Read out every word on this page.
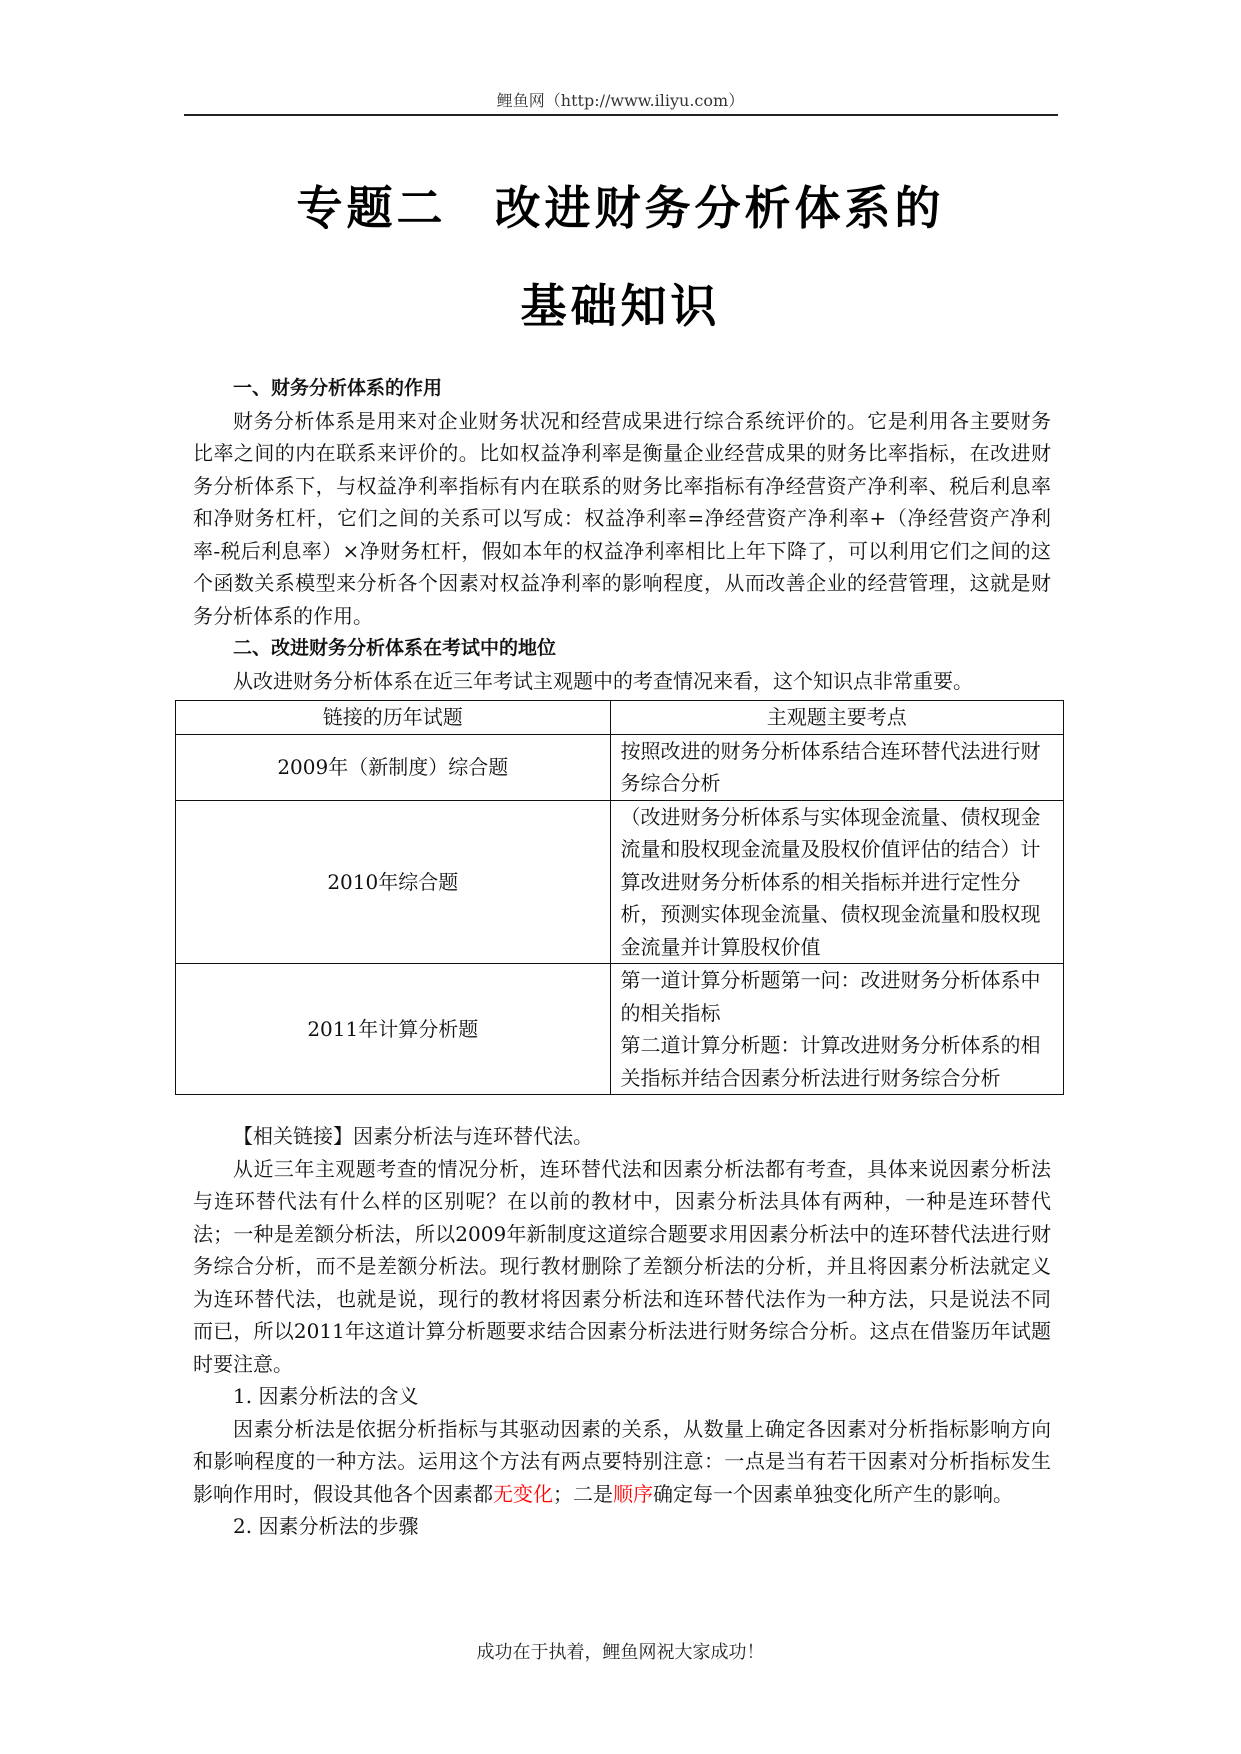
鲤鱼网（http://www.iliyu.com）
专题二 改进财务分析体系的
基础知识
一、财务分析体系的作用
财务分析体系是用来对企业财务状况和经营成果进行综合系统评价的。它是利用各主要财务比率之间的内在联系来评价的。比如权益净利率是衡量企业经营成果的财务比率指标，在改进财务分析体系下，与权益净利率指标有内在联系的财务比率指标有净经营资产净利率、税后利息率和净财务杠杆，它们之间的关系可以写成：权益净利率=净经营资产净利率+（净经营资产净利率-税后利息率）×净财务杠杆，假如本年的权益净利率相比上年下降了，可以利用它们之间的这个函数关系模型来分析各个因素对权益净利率的影响程度，从而改善企业的经营管理，这就是财务分析体系的作用。
二、改进财务分析体系在考试中的地位
从改进财务分析体系在近三年考试主观题中的考查情况来看，这个知识点非常重要。
链接的历年试题	主观题主要考点
2009年（新制度）综合题	按照改进的财务分析体系结合连环替代法进行财务综合分析
2010年综合题	（改进财务分析体系与实体现金流量、债权现金流量和股权现金流量及股权价值评估的结合）计算改进财务分析体系的相关指标并进行定性分析，预测实体现金流量、债权现金流量和股权现金流量并计算股权价值
2011年计算分析题	第一道计算分析题第一问：改进财务分析体系中的相关指标
第二道计算分析题：计算改进财务分析体系的相关指标并结合因素分析法进行财务综合分析
【相关链接】因素分析法与连环替代法。
从近三年主观题考查的情况分析，连环替代法和因素分析法都有考查，具体来说因素分析法与连环替代法有什么样的区别呢？在以前的教材中，因素分析法具体有两种，一种是连环替代法；一种是差额分析法，所以2009年新制度这道综合题要求用因素分析法中的连环替代法进行财务综合分析，而不是差额分析法。现行教材删除了差额分析法的分析，并且将因素分析法就定义为连环替代法，也就是说，现行的教材将因素分析法和连环替代法作为一种方法，只是说法不同而已，所以2011年这道计算分析题要求结合因素分析法进行财务综合分析。这点在借鉴历年试题时要注意。
1. 因素分析法的含义
因素分析法是依据分析指标与其驱动因素的关系，从数量上确定各因素对分析指标影响方向和影响程度的一种方法。运用这个方法有两点要特别注意：一点是当有若干因素对分析指标发生影响作用时，假设其他各个因素都无变化；二是顺序确定每一个因素单独变化所产生的影响。
2. 因素分析法的步骤
成功在于执着，鲤鱼网祝大家成功！
